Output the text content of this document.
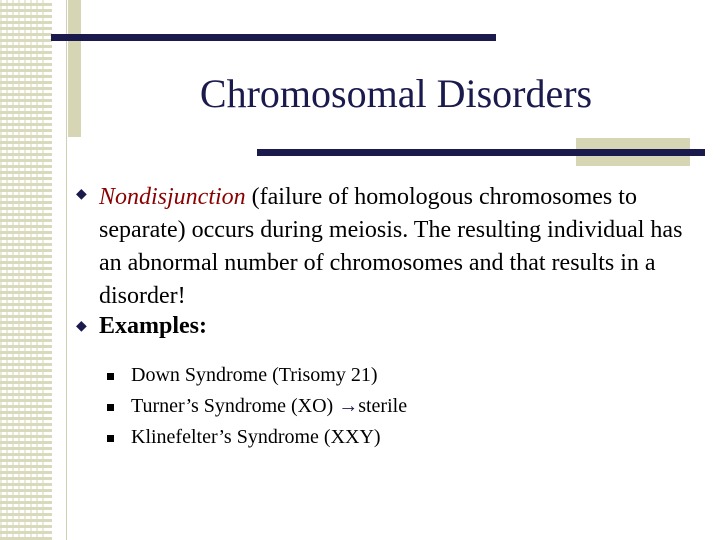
Chromosomal Disorders
◆ Nondisjunction (failure of homologous chromosomes to separate) occurs during meiosis. The resulting individual has an abnormal number of chromosomes and that results in a disorder!
◆ Examples:
Down Syndrome (Trisomy 21)
Turner’s Syndrome (XO) →sterile
Klinefelter’s Syndrome (XXY)
